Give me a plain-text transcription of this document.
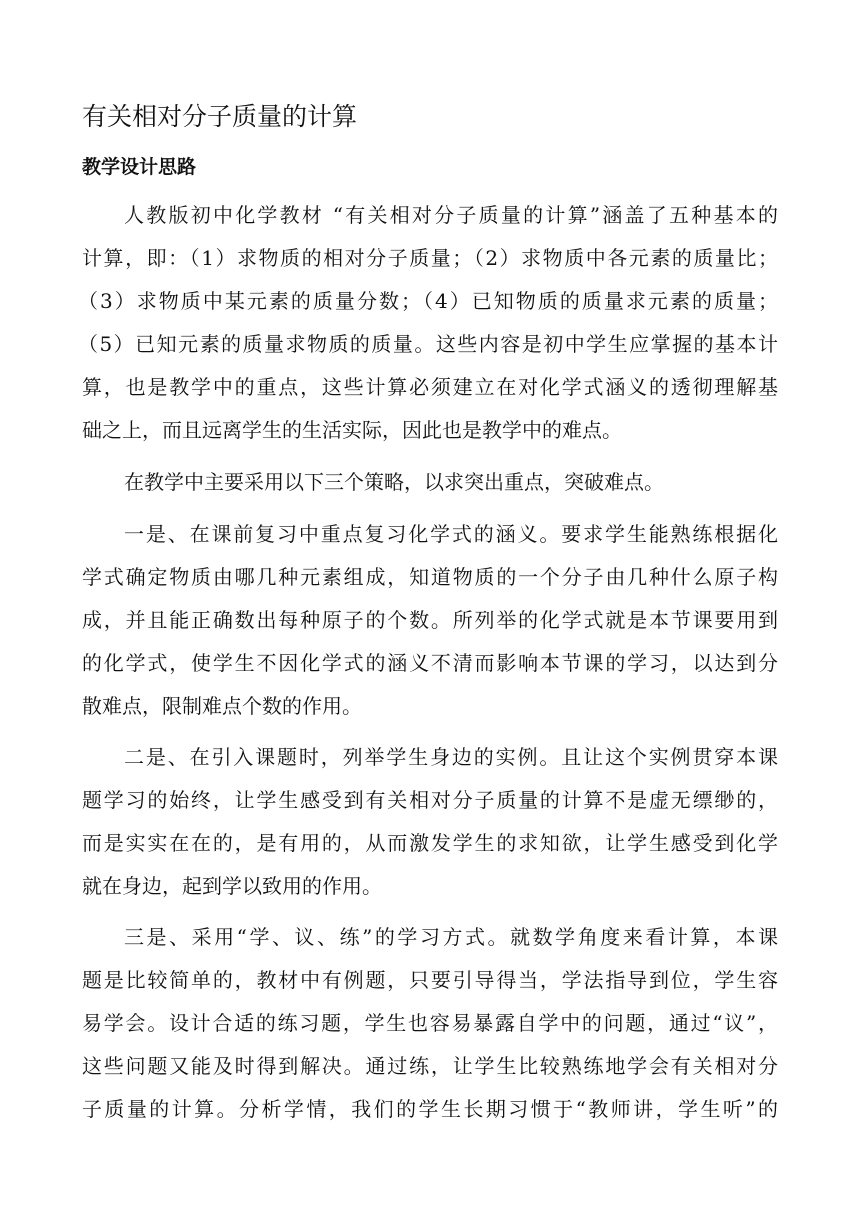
有关相对分子质量的计算
教学设计思路

人教版初中化学教材 “有关相对分子质量的计算”涵盖了五种基本的

计算，即：（1）求物质的相对分子质量；（2）求物质中各元素的质量比；

（3）求物质中某元素的质量分数；（4）已知物质的质量求元素的质量；

（5）已知元素的质量求物质的质量。这些内容是初中学生应掌握的基本计

算，也是教学中的重点，这些计算必须建立在对化学式涵义的透彻理解基

础之上，而且远离学生的生活实际，因此也是教学中的难点。

在教学中主要采用以下三个策略，以求突出重点，突破难点。

一是、在课前复习中重点复习化学式的涵义。要求学生能熟练根据化

学式确定物质由哪几种元素组成，知道物质的一个分子由几种什么原子构

成，并且能正确数出每种原子的个数。所列举的化学式就是本节课要用到

的化学式，使学生不因化学式的涵义不清而影响本节课的学习，以达到分

散难点，限制难点个数的作用。

二是、在引入课题时，列举学生身边的实例。且让这个实例贯穿本课

题学习的始终，让学生感受到有关相对分子质量的计算不是虚无缥缈的，

而是实实在在的，是有用的，从而激发学生的求知欲，让学生感受到化学

就在身边，起到学以致用的作用。

三是、采用“学、议、练”的学习方式。就数学角度来看计算，本课

题是比较简单的，教材中有例题，只要引导得当，学法指导到位，学生容

易学会。设计合适的练习题，学生也容易暴露自学中的问题，通过“议”，

这些问题又能及时得到解决。通过练，让学生比较熟练地学会有关相对分

子质量的计算。分析学情，我们的学生长期习惯于“教师讲，学生听”的
